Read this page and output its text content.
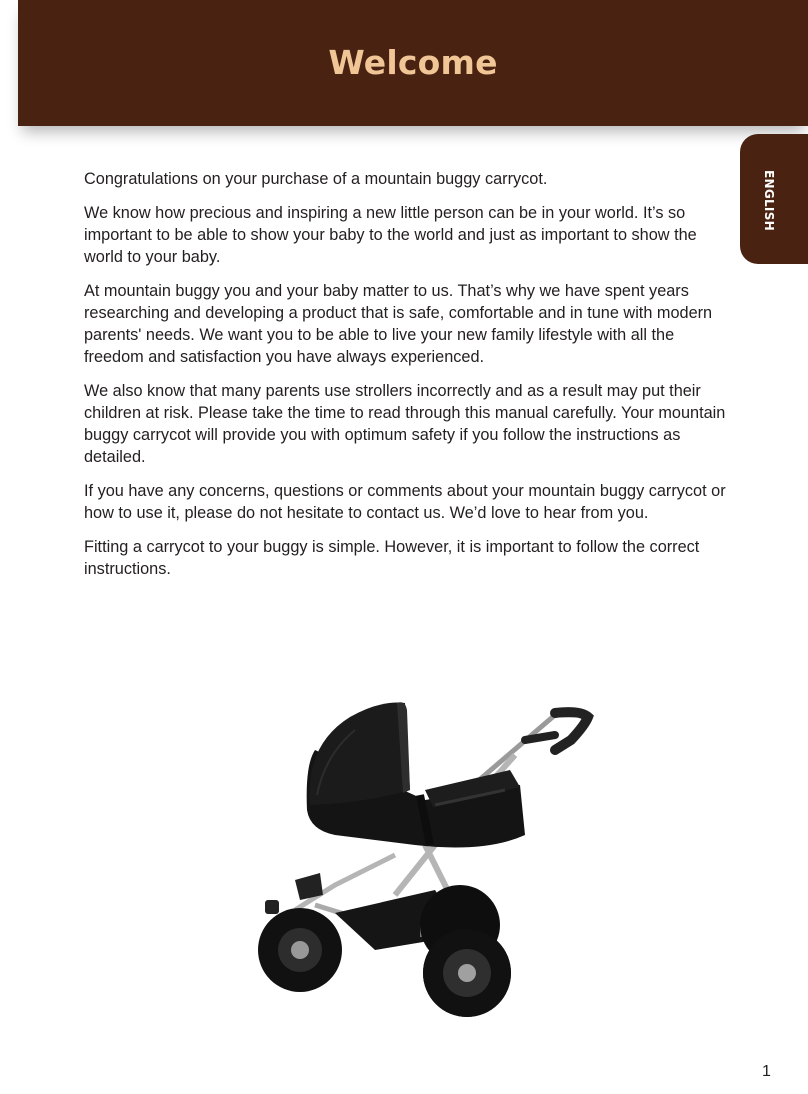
Welcome
ENGLISH

Congratulations on your purchase of a mountain buggy carrycot.

We know how precious and inspiring a new little person can be in your world. It’s so important to be able to show your baby to the world and just as important to show the world to your baby.

At mountain buggy you and your baby matter to us. That’s why we have spent years researching and developing a product that is safe, comfortable and in tune with modern parents' needs. We want you to be able to live your new family lifestyle with all the freedom and satisfaction you have always experienced.

We also know that many parents use strollers incorrectly and as a result may put their children at risk. Please take the time to read through this manual carefully. Your mountain buggy carrycot will provide you with optimum safety if you follow the instructions as detailed.

If you have any concerns, questions or comments about your mountain buggy carrycot or how to use it, please do not hesitate to contact us. We’d love to hear from you.

Fitting a carrycot to your buggy is simple. However, it is important to follow the correct instructions.

1
